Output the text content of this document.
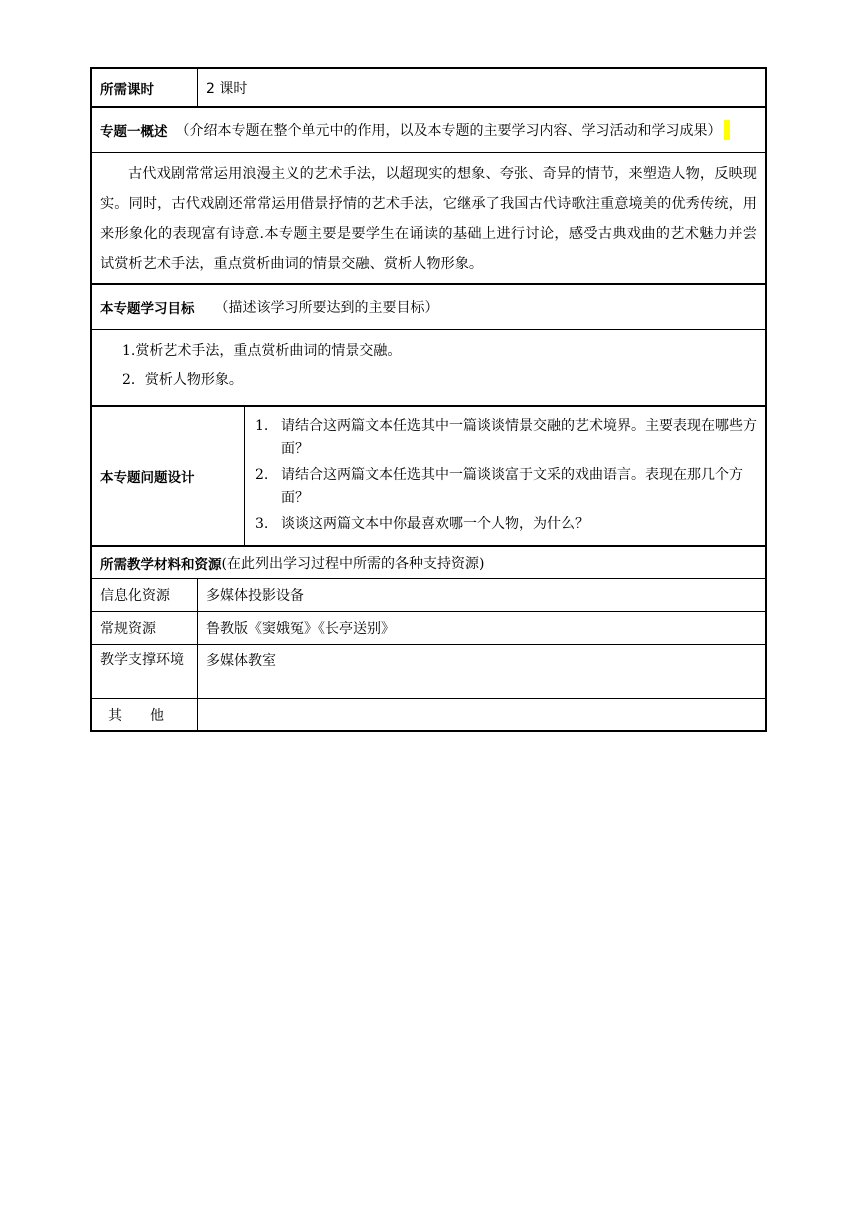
所需课时	2 课时
专题一概述 （介绍本专题在整个单元中的作用，以及本专题的主要学习内容、学习活动和学习成果）
古代戏剧常常运用浪漫主义的艺术手法，以超现实的想象、夸张、奇异的情节，来塑造人物，反映现实。同时，古代戏剧还常常运用借景抒情的艺术手法，它继承了我国古代诗歌注重意境美的优秀传统，用来形象化的表现富有诗意.本专题主要是要学生在诵读的基础上进行讨论，感受古典戏曲的艺术魅力并尝试赏析艺术手法，重点赏析曲词的情景交融、赏析人物形象。
本专题学习目标 （描述该学习所要达到的主要目标）
1.赏析艺术手法，重点赏析曲词的情景交融。
2．赏析人物形象。
本专题问题设计
1. 请结合这两篇文本任选其中一篇谈谈情景交融的艺术境界。主要表现在哪些方面？
2. 请结合这两篇文本任选其中一篇谈谈富于文采的戏曲语言。表现在那几个方面？
3. 谈谈这两篇文本中你最喜欢哪一个人物，为什么？
所需教学材料和资源 (在此列出学习过程中所需的各种支持资源)
信息化资源	多媒体投影设备
常规资源	鲁教版《窦娥冤》《长亭送别》
教学支撑环境	多媒体教室
其　　他
